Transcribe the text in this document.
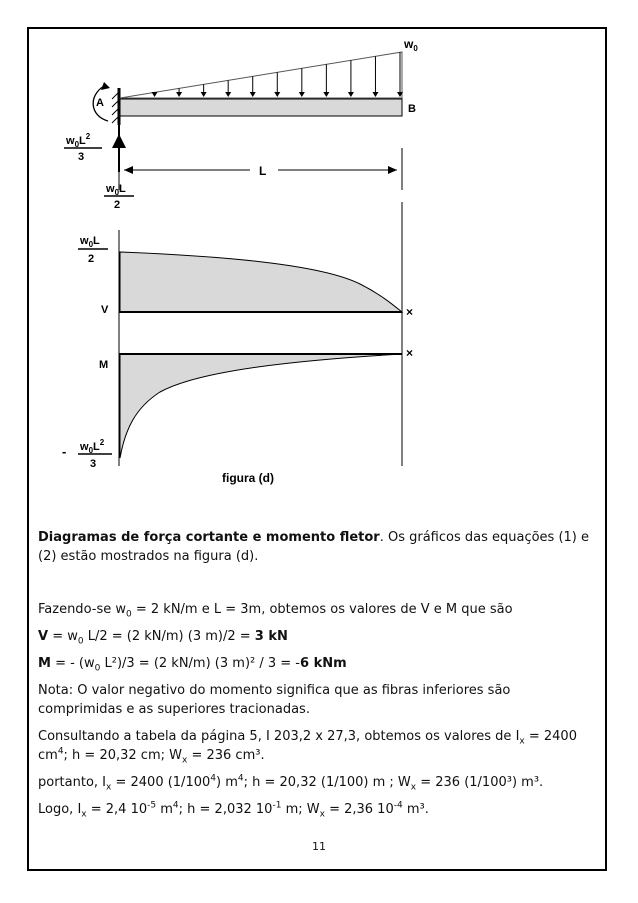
$w_0$
A	B
$w_0L^2$
3
$w_0L$
2
L
$w_0L$
2
V
M
- $w_0L^2$
3
×
×
figura (d)

Diagramas de força cortante e momento fletor. Os gráficos das equações (1) e (2) estão mostrados na figura (d).

Fazendo-se $w_0 = 2$ kN/m e L = 3m, obtemos os valores de V e M que são

$V = w_0$ L/2 = (2 kN/m) (3 m)/2 = 3 kN

M = - ($w_0$ L²)/3 = (2 kN/m) (3 m)² / 3 = -6 kNm

Nota: O valor negativo do momento significa que as fibras inferiores são comprimidas e as superiores tracionadas.

Consultando a tabela da página 5, I 203,2 x 27,3, obtemos os valores de $I_x = 2400$ $cm^4$; h = 20,32 cm; $W_x = 236$ cm³.

portanto, $I_x = 2400$ $(1/100^4)$ $m^4$; h = 20,32 (1/100) m ; $W_x = 236$ (1/100³) m³.

Logo, $I_x = 2,4$ $10^{-5}$ $m^4$; h = 2,032 $10^{-1}$ m; $W_x = 2,36$ $10^{-4}$ m³.

11
